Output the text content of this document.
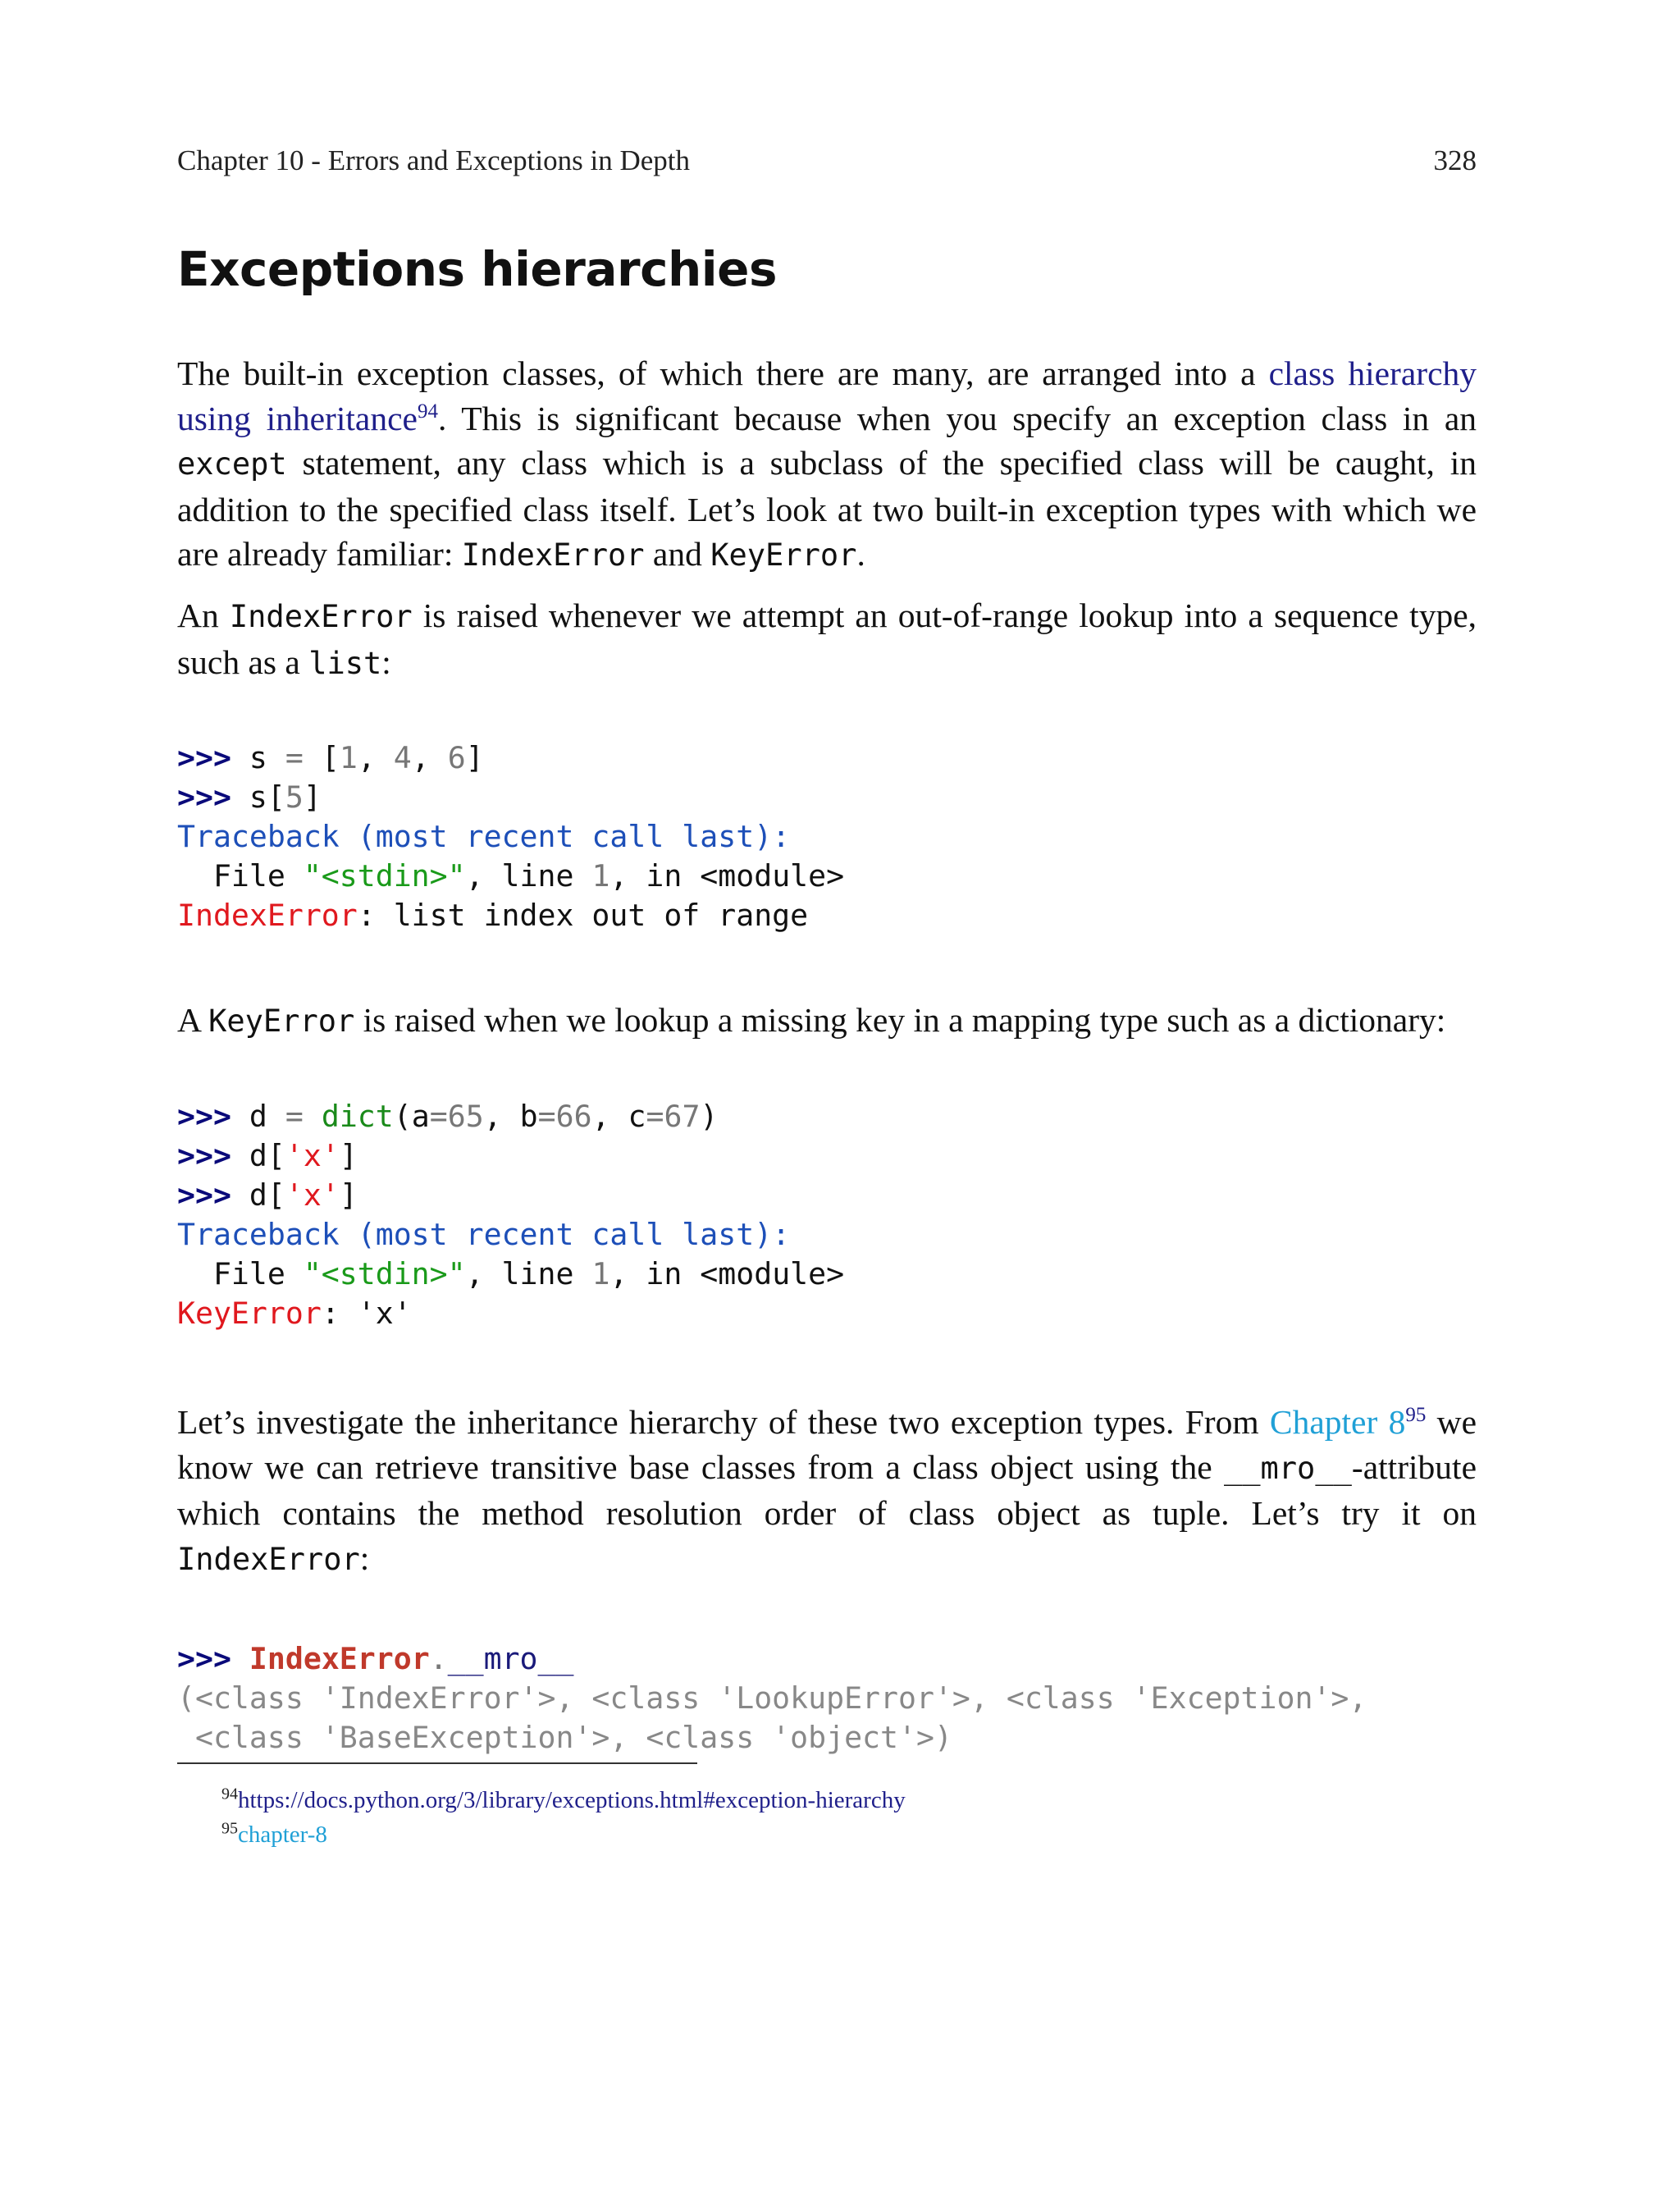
Chapter 10 - Errors and Exceptions in Depth	328
Exceptions hierarchies

The built-in exception classes, of which there are many, are arranged into a class hierarchy using inheritance$^{94}$. This is significant because when you specify an exception class in an except statement, any class which is a subclass of the specified class will be caught, in addition to the specified class itself. Let’s look at two built-in exception types with which we are already familiar: IndexError and KeyError.

An IndexError is raised whenever we attempt an out-of-range lookup into a sequence type, such as a list:

>>> s = [1, 4, 6]
>>> s[5]
Traceback (most recent call last):
File "<stdin>", line 1, in <module>
IndexError: list index out of range

A KeyError is raised when we lookup a missing key in a mapping type such as a dictionary:

>>> d = dict(a=65, b=66, c=67)
>>> d['x']
>>> d['x']
Traceback (most recent call last):
File "<stdin>", line 1, in <module>
KeyError: 'x'

Let’s investigate the inheritance hierarchy of these two exception types. From Chapter $8^{95}$ we know we can retrieve transitive base classes from a class object using the __mro__-attribute which contains the method resolution order of class object as tuple. Let’s try it on IndexError:

>>> IndexError.__mro__
(<class 'IndexError'>, <class 'LookupError'>, <class 'Exception'>,
<class 'BaseException'>, <class 'object'>)
$^{94}$https://docs.python.org/3/library/exceptions.html#exception-hierarchy
$^{95}$chapter-8
